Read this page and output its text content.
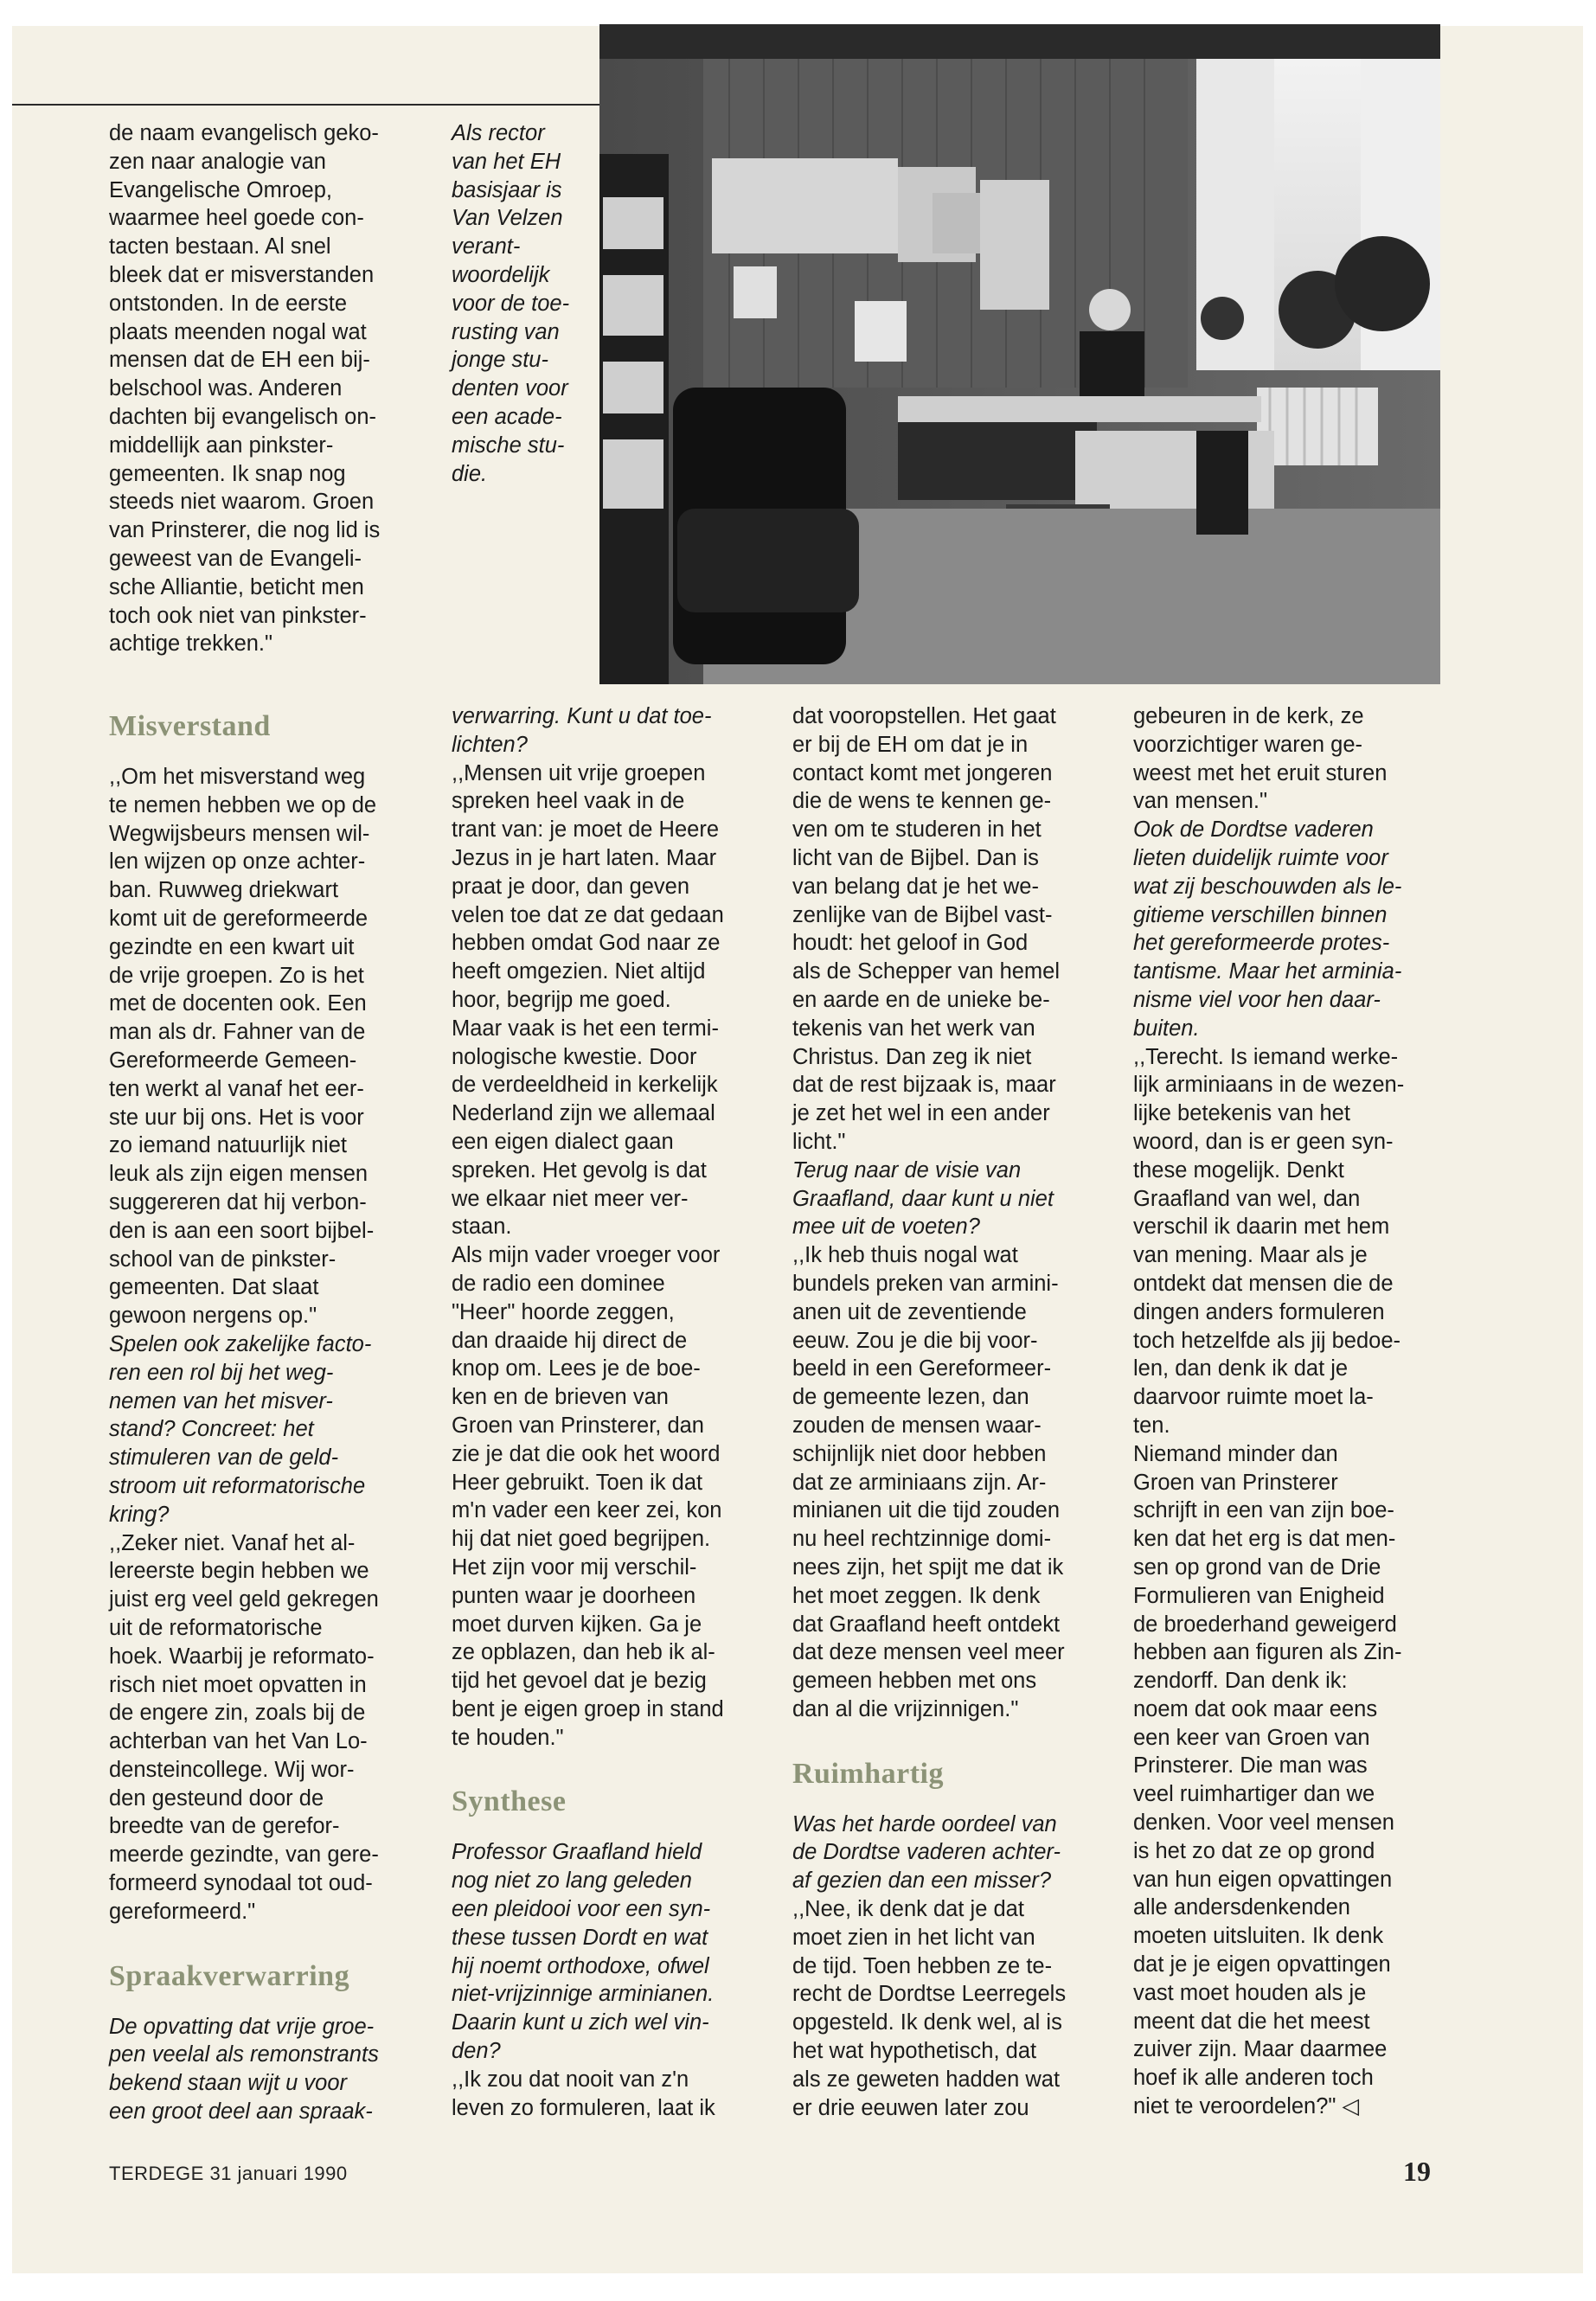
Als rector
van het EH
basisjaar is
Van Velzen
verant-
woordelijk
voor de toe-
rusting van
jonge stu-
denten voor
een acade-
mische stu-
die.

de naam evangelisch geko-
zen naar analogie van
Evangelische Omroep,
waarmee heel goede con-
tacten bestaan. Al snel
bleek dat er misverstanden
ontstonden. In de eerste
plaats meenden nogal wat
mensen dat de EH een bij-
belschool was. Anderen
dachten bij evangelisch on-
middellijk aan pinkster-
gemeenten. Ik snap nog
steeds niet waarom. Groen
van Prinsterer, die nog lid is
geweest van de Evangeli-
sche Alliantie, beticht men
toch ook niet van pinkster-
achtige trekken."

Misverstand

,,Om het misverstand weg
te nemen hebben we op de
Wegwijsbeurs mensen wil-
len wijzen op onze achter-
ban. Ruwweg driekwart
komt uit de gereformeerde
gezindte en een kwart uit
de vrije groepen. Zo is het
met de docenten ook. Een
man als dr. Fahner van de
Gereformeerde Gemeen-
ten werkt al vanaf het eer-
ste uur bij ons. Het is voor
zo iemand natuurlijk niet
leuk als zijn eigen mensen
suggereren dat hij verbon-
den is aan een soort bijbel-
school van de pinkster-
gemeenten. Dat slaat
gewoon nergens op."

Spelen ook zakelijke facto-
ren een rol bij het weg-
nemen van het misver-
stand? Concreet: het
stimuleren van de geld-
stroom uit reformatorische
kring?

,,Zeker niet. Vanaf het al-
lereerste begin hebben we
juist erg veel geld gekregen
uit de reformatorische
hoek. Waarbij je reformato-
risch niet moet opvatten in
de engere zin, zoals bij de
achterban van het Van Lo-
densteincollege. Wij wor-
den gesteund door de
breedte van de gerefor-
meerde gezindte, van gere-
formeerd synodaal tot oud-
gereformeerd."

Spraakverwarring

De opvatting dat vrije groe-
pen veelal als remonstrants
bekend staan wijt u voor
een groot deel aan spraak-

verwarring. Kunt u dat toe-
lichten?

,,Mensen uit vrije groepen
spreken heel vaak in de
trant van: je moet de Heere
Jezus in je hart laten. Maar
praat je door, dan geven
velen toe dat ze dat gedaan
hebben omdat God naar ze
heeft omgezien. Niet altijd
hoor, begrijp me goed.
Maar vaak is het een termi-
nologische kwestie. Door
de verdeeldheid in kerkelijk
Nederland zijn we allemaal
een eigen dialect gaan
spreken. Het gevolg is dat
we elkaar niet meer ver-
staan.
Als mijn vader vroeger voor
de radio een dominee
"Heer" hoorde zeggen,
dan draaide hij direct de
knop om. Lees je de boe-
ken en de brieven van
Groen van Prinsterer, dan
zie je dat die ook het woord
Heer gebruikt. Toen ik dat
m'n vader een keer zei, kon
hij dat niet goed begrijpen.
Het zijn voor mij verschil-
punten waar je doorheen
moet durven kijken. Ga je
ze opblazen, dan heb ik al-
tijd het gevoel dat je bezig
bent je eigen groep in stand
te houden."

Synthese

Professor Graafland hield
nog niet zo lang geleden
een pleidooi voor een syn-
these tussen Dordt en wat
hij noemt orthodoxe, ofwel
niet-vrijzinnige arminianen.
Daarin kunt u zich wel vin-
den?

,,Ik zou dat nooit van z'n
leven zo formuleren, laat ik

dat vooropstellen. Het gaat
er bij de EH om dat je in
contact komt met jongeren
die de wens te kennen ge-
ven om te studeren in het
licht van de Bijbel. Dan is
van belang dat je het we-
zenlijke van de Bijbel vast-
houdt: het geloof in God
als de Schepper van hemel
en aarde en de unieke be-
tekenis van het werk van
Christus. Dan zeg ik niet
dat de rest bijzaak is, maar
je zet het wel in een ander
licht."

Terug naar de visie van
Graafland, daar kunt u niet
mee uit de voeten?

,,Ik heb thuis nogal wat
bundels preken van armini-
anen uit de zeventiende
eeuw. Zou je die bij voor-
beeld in een Gereformeer-
de gemeente lezen, dan
zouden de mensen waar-
schijnlijk niet door hebben
dat ze arminiaans zijn. Ar-
minianen uit die tijd zouden
nu heel rechtzinnige domi-
nees zijn, het spijt me dat ik
het moet zeggen. Ik denk
dat Graafland heeft ontdekt
dat deze mensen veel meer
gemeen hebben met ons
dan al die vrijzinnigen."

Ruimhartig

Was het harde oordeel van
de Dordtse vaderen achter-
af gezien dan een misser?

,,Nee, ik denk dat je dat
moet zien in het licht van
de tijd. Toen hebben ze te-
recht de Dordtse Leerregels
opgesteld. Ik denk wel, al is
het wat hypothetisch, dat
als ze geweten hadden wat
er drie eeuwen later zou

gebeuren in de kerk, ze
voorzichtiger waren ge-
weest met het eruit sturen
van mensen."

Ook de Dordtse vaderen
lieten duidelijk ruimte voor
wat zij beschouwden als le-
gitieme verschillen binnen
het gereformeerde protes-
tantisme. Maar het arminia-
nisme viel voor hen daar-
buiten.

,,Terecht. Is iemand werke-
lijk arminiaans in de wezen-
lijke betekenis van het
woord, dan is er geen syn-
these mogelijk. Denkt
Graafland van wel, dan
verschil ik daarin met hem
van mening. Maar als je
ontdekt dat mensen die de
dingen anders formuleren
toch hetzelfde als jij bedoe-
len, dan denk ik dat je
daarvoor ruimte moet la-
ten.
Niemand minder dan
Groen van Prinsterer
schrijft in een van zijn boe-
ken dat het erg is dat men-
sen op grond van de Drie
Formulieren van Enigheid
de broederhand geweigerd
hebben aan figuren als Zin-
zendorff. Dan denk ik:
noem dat ook maar eens
een keer van Groen van
Prinsterer. Die man was
veel ruimhartiger dan we
denken. Voor veel mensen
is het zo dat ze op grond
van hun eigen opvattingen
alle andersdenkenden
moeten uitsluiten. Ik denk
dat je je eigen opvattingen
vast moet houden als je
meent dat die het meest
zuiver zijn. Maar daarmee
hoef ik alle anderen toch
niet te veroordelen?" ◁

TERDEGE 31 januari 1990	19
